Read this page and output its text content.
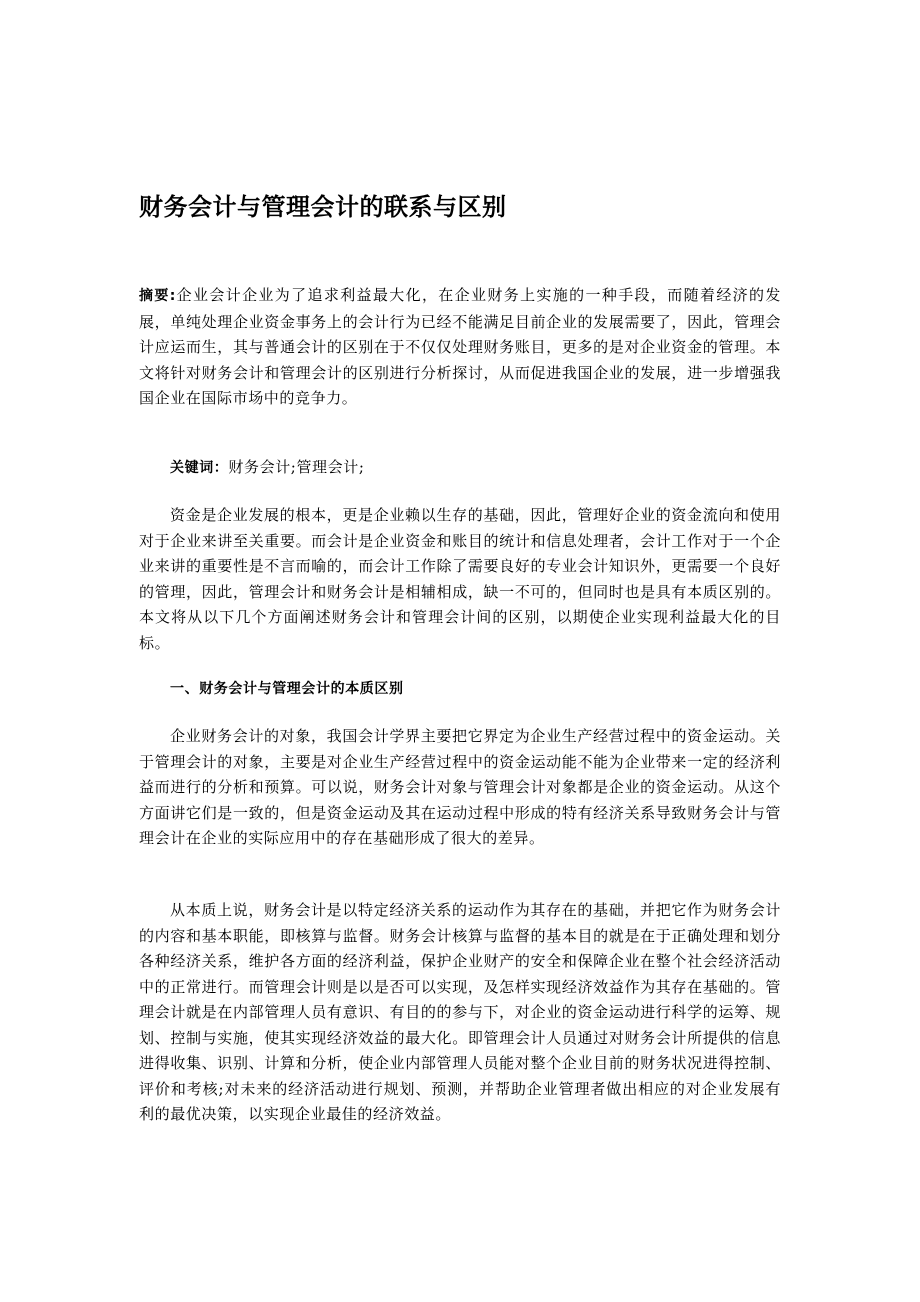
财务会计与管理会计的联系与区别

摘要:企业会计企业为了追求利益最大化，在企业财务上实施的一种手段，而随着经济的发展，单纯处理企业资金事务上的会计行为已经不能满足目前企业的发展需要了，因此，管理会计应运而生，其与普通会计的区别在于不仅仅处理财务账目，更多的是对企业资金的管理。本文将针对财务会计和管理会计的区别进行分析探讨，从而促进我国企业的发展，进一步增强我国企业在国际市场中的竞争力。

关键词：财务会计;管理会计;

资金是企业发展的根本，更是企业赖以生存的基础，因此，管理好企业的资金流向和使用对于企业来讲至关重要。而会计是企业资金和账目的统计和信息处理者，会计工作对于一个企业来讲的重要性是不言而喻的，而会计工作除了需要良好的专业会计知识外，更需要一个良好的管理，因此，管理会计和财务会计是相辅相成，缺一不可的，但同时也是具有本质区别的。本文将从以下几个方面阐述财务会计和管理会计间的区别，以期使企业实现利益最大化的目标。

一、财务会计与管理会计的本质区别

企业财务会计的对象，我国会计学界主要把它界定为企业生产经营过程中的资金运动。关于管理会计的对象，主要是对企业生产经营过程中的资金运动能不能为企业带来一定的经济利益而进行的分析和预算。可以说，财务会计对象与管理会计对象都是企业的资金运动。从这个方面讲它们是一致的，但是资金运动及其在运动过程中形成的特有经济关系导致财务会计与管理会计在企业的实际应用中的存在基础形成了很大的差异。

从本质上说，财务会计是以特定经济关系的运动作为其存在的基础，并把它作为财务会计的内容和基本职能，即核算与监督。财务会计核算与监督的基本目的就是在于正确处理和划分各种经济关系，维护各方面的经济利益，保护企业财产的安全和保障企业在整个社会经济活动中的正常进行。而管理会计则是以是否可以实现，及怎样实现经济效益作为其存在基础的。管理会计就是在内部管理人员有意识、有目的的参与下，对企业的资金运动进行科学的运筹、规划、控制与实施，使其实现经济效益的最大化。即管理会计人员通过对财务会计所提供的信息进得收集、识别、计算和分析，使企业内部管理人员能对整个企业目前的财务状况进得控制、评价和考核;对未来的经济活动进行规划、预测，并帮助企业管理者做出相应的对企业发展有利的最优决策，以实现企业最佳的经济效益。
